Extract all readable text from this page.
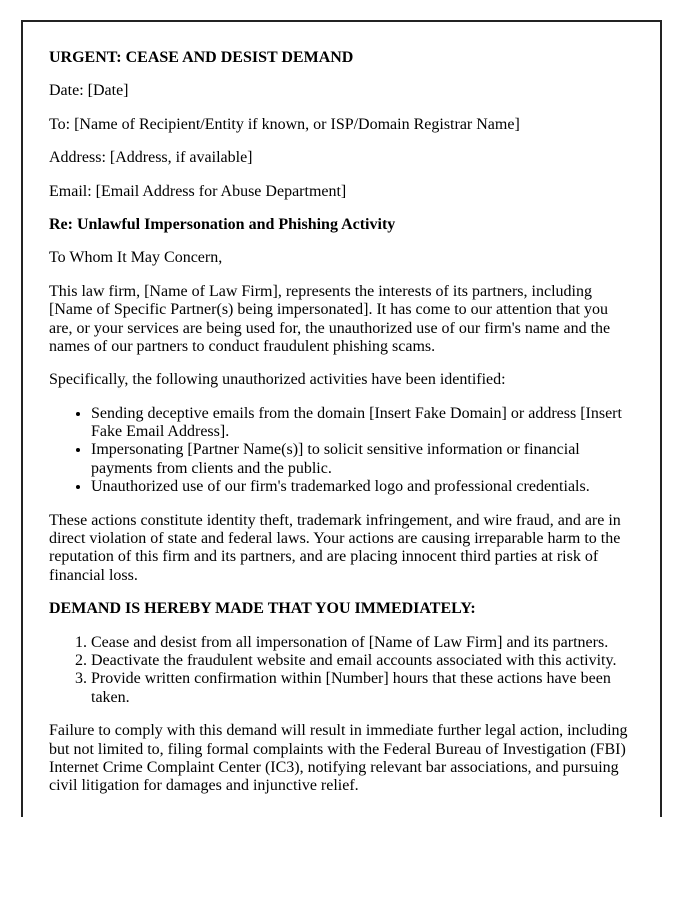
URGENT: CEASE AND DESIST DEMAND

Date: [Date]

To: [Name of Recipient/Entity if known, or ISP/Domain Registrar Name]

Address: [Address, if available]

Email: [Email Address for Abuse Department]

Re: Unlawful Impersonation and Phishing Activity

To Whom It May Concern,

This law firm, [Name of Law Firm], represents the interests of its partners, including [Name of Specific Partner(s) being impersonated]. It has come to our attention that you are, or your services are being used for, the unauthorized use of our firm's name and the names of our partners to conduct fraudulent phishing scams.

Specifically, the following unauthorized activities have been identified:

• Sending deceptive emails from the domain [Insert Fake Domain] or address [Insert Fake Email Address].
• Impersonating [Partner Name(s)] to solicit sensitive information or financial payments from clients and the public.
• Unauthorized use of our firm's trademarked logo and professional credentials.

These actions constitute identity theft, trademark infringement, and wire fraud, and are in direct violation of state and federal laws. Your actions are causing irreparable harm to the reputation of this firm and its partners, and are placing innocent third parties at risk of financial loss.

DEMAND IS HEREBY MADE THAT YOU IMMEDIATELY:

1. Cease and desist from all impersonation of [Name of Law Firm] and its partners.
2. Deactivate the fraudulent website and email accounts associated with this activity.
3. Provide written confirmation within [Number] hours that these actions have been taken.

Failure to comply with this demand will result in immediate further legal action, including but not limited to, filing formal complaints with the Federal Bureau of Investigation (FBI) Internet Crime Complaint Center (IC3), notifying relevant bar associations, and pursuing civil litigation for damages and injunctive relief.
